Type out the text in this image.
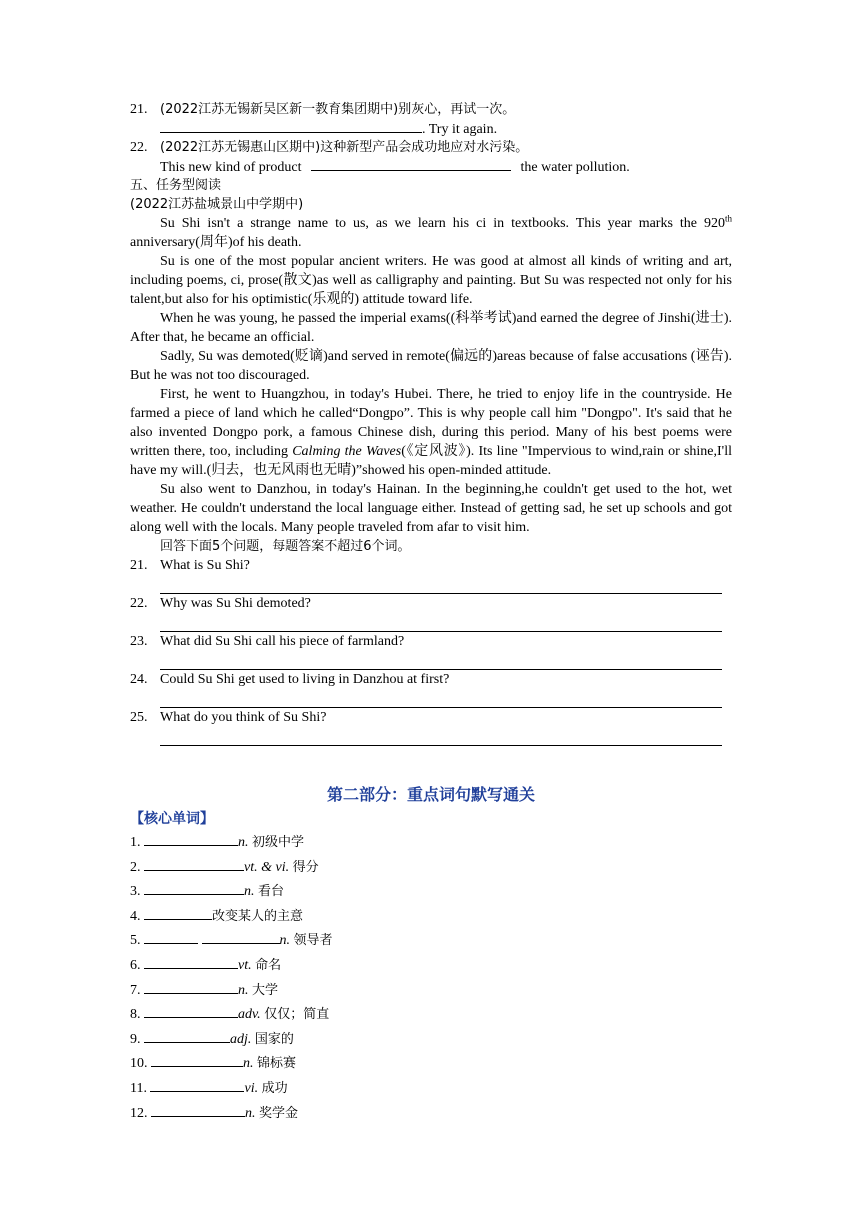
21. (2022江苏无锡新吴区新一教育集团期中)别灰心，再试一次。
. Try it again.
22. (2022江苏无锡惠山区期中)这种新型产品会成功地应对水污染。
This new kind of product	the water pollution.
五、任务型阅读
(2022江苏盐城景山中学期中)
Su Shi isn't a strange name to us, as we learn his ci in textbooks. This year marks the 920th
anniversary(周年)of his death.
Su is one of the most popular ancient writers. He was good at almost all kinds of writing and art, including poems, ci, prose(散文)as well as calligraphy and painting. But Su was respected not only for his talent,but also for his optimistic(乐观的) attitude toward life.
When he was young, he passed the imperial exams((科举考试)and earned the degree of Jinshi(进士). After that, he became an official.
Sadly, Su was demoted(贬谪)and served in remote(偏远的)areas because of false accusations (诬告). But he was not too discouraged.
First, he went to Huangzhou, in today's Hubei. There, he tried to enjoy life in the countryside. He farmed a piece of land which he called“Dongpo”. This is why people call him "Dongpo". It's said that he also invented Dongpo pork, a famous Chinese dish, during this period. Many of his best poems were written there, too, including Calming the Waves(《定风波》). Its line "Impervious to wind,rain or shine,I'll have my will.(归去，也无风雨也无晴)”showed his open-minded attitude.
Su also went to Danzhou, in today's Hainan. In the beginning,he couldn't get used to the hot, wet weather. He couldn't understand the local language either. Instead of getting sad, he set up schools and got along well with the locals. Many people traveled from afar to visit him.
回答下面5个问题，每题答案不超过6个词。
21. What is Su Shi?
22. Why was Su Shi demoted?
23. What did Su Shi call his piece of farmland?
24. Could Su Shi get used to living in Danzhou at first?
25. What do you think of Su Shi?
第二部分：重点词句默写通关
【核心单词】
1.	n. 初级中学
2.	vt. & vi. 得分
3.	n. 看台
4.	改变某人的主意
5.	n. 领导者
6.	vt. 命名
7.	n. 大学
8.	adv. 仅仅；简直
9.	adj. 国家的
10.	n. 锦标赛
11.	vi. 成功
12.	n. 奖学金
